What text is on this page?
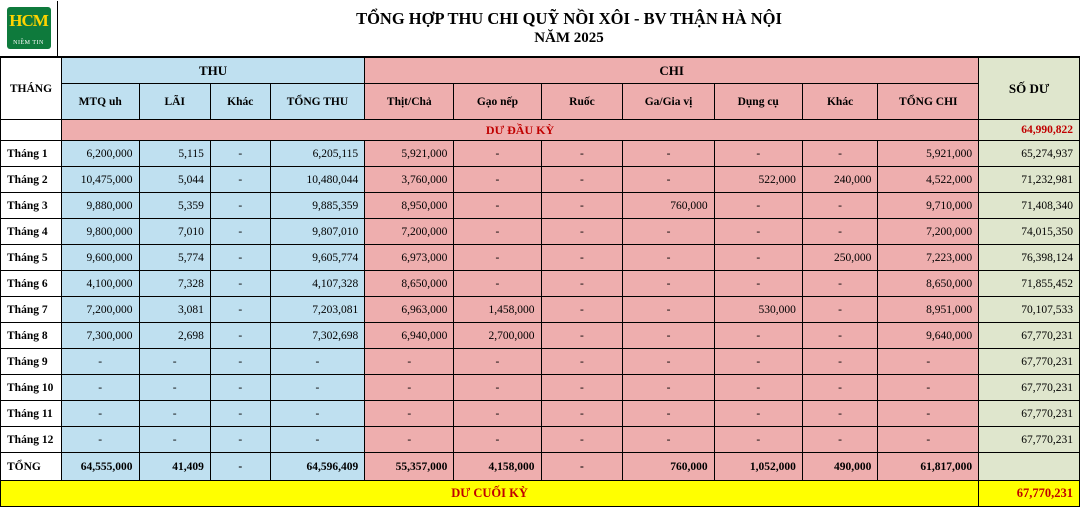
HCM
NIỀM TIN
TỔNG HỢP THU CHI QUỸ NỒI XÔI - BV THẬN HÀ NỘI
NĂM 2025
THÁNG	THU				CHI							SỐ DƯ
	MTQ uh	LÃI	Khác	TỔNG THU	Thịt/Chả	Gạo nếp	Ruốc	Ga/Gia vị	Dụng cụ	Khác	TỔNG CHI	
	DƯ ĐẦU KỲ											64,990,822
Tháng 1	6,200,000	5,115	-	6,205,115	5,921,000	-	-	-	-	-	5,921,000	65,274,937
Tháng 2	10,475,000	5,044	-	10,480,044	3,760,000	-	-	-	522,000	240,000	4,522,000	71,232,981
Tháng 3	9,880,000	5,359	-	9,885,359	8,950,000	-	-	760,000	-	-	9,710,000	71,408,340
Tháng 4	9,800,000	7,010	-	9,807,010	7,200,000	-	-	-	-	-	7,200,000	74,015,350
Tháng 5	9,600,000	5,774	-	9,605,774	6,973,000	-	-	-	-	250,000	7,223,000	76,398,124
Tháng 6	4,100,000	7,328	-	4,107,328	8,650,000	-	-	-	-	-	8,650,000	71,855,452
Tháng 7	7,200,000	3,081	-	7,203,081	6,963,000	1,458,000	-	-	530,000	-	8,951,000	70,107,533
Tháng 8	7,300,000	2,698	-	7,302,698	6,940,000	2,700,000	-	-	-	-	9,640,000	67,770,231
Tháng 9	-	-	-	-	-	-	-	-	-	-	-	67,770,231
Tháng 10	-	-	-	-	-	-	-	-	-	-	-	67,770,231
Tháng 11	-	-	-	-	-	-	-	-	-	-	-	67,770,231
Tháng 12	-	-	-	-	-	-	-	-	-	-	-	67,770,231
TỔNG	64,555,000	41,409	-	64,596,409	55,357,000	4,158,000	-	760,000	1,052,000	490,000	61,817,000	
DƯ CUỐI KỲ												67,770,231
